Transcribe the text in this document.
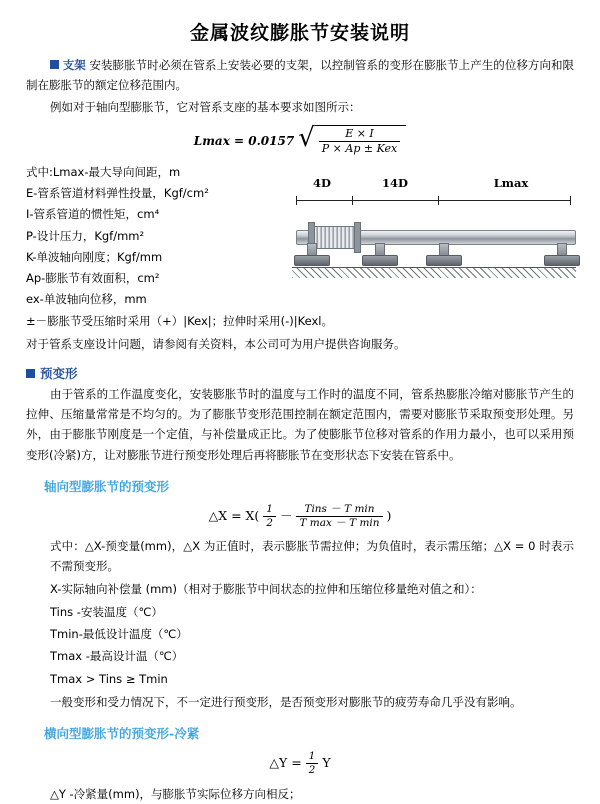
金属波纹膨胀节安装说明
支架 安装膨胀节时必须在管系上安装必要的支架，以控制管系的变形在膨胀节上产生的位移方向和限制在膨胀节的额定位移范围内。
例如对于轴向型膨胀节，它对管系支座的基本要求如图所示：
Lmax = 0.0157 √ $\frac{E \times I}{\text{P × Ap ± Kex}}$
式中:Lmax-最大导向间距，m
E-管系管道材料弹性投量，Kgf/cm²
I-管系管道的惯性矩，cm⁴
P-设计压力，Kgf/mm²
K-单波轴向刚度；Kgf/mm
Ap-膨胀节有效面积，cm²
ex-单波轴向位移，mm
±－膨胀节受压缩时采用（+）|Kex|；拉伸时采用(-)|Kexl。
4D	14D	Lmax
对于管系支座设计问题，请参阅有关资料，本公司可为用户提供咨询服务。
预变形
由于管系的工作温度变化，安装膨胀节时的温度与工作时的温度不同，管系热膨胀冷缩对膨胀节产生的拉伸、压缩量常常是不均匀的。为了膨胀节变形范围控制在额定范围内，需要对膨胀节采取预变形处理。另外，由于膨胀节刚度是一个定值，与补偿量成正比。为了使膨胀节位移对管系的作用力最小，也可以采用预变形(冷紧)方，让对膨胀节进行预变形处理后再将膨胀节在变形状态下安装在管系中。
轴向型膨胀节的预变形
△X = $X( \frac{1}{2} - \frac{\text{Tins － T min}}{\text{T max － T min}}$ )
式中：△X-预变量(mm)，△X 为正值时，表示膨胀节需拉伸；为负值时，表示需压缩；△X = 0 时表示不需预变形。
X-实际轴向补偿量 (mm)（相对于膨胀节中间状态的拉伸和压缩位移量绝对值之和）：
Tins -安装温度（℃）
Tmin-最低设计温度（℃）
Tmax -最高设计温（℃）
Tmax > Tins ≥ Tmin
一般变形和受力情况下，不一定进行预变形，是否预变形对膨胀节的疲劳寿命几乎没有影响。
横向型膨胀节的预变形-冷紧
△Y = $\frac{1}{2}$ Y
△Y -冷紧量(mm)，与膨胀节实际位移方向相反；
